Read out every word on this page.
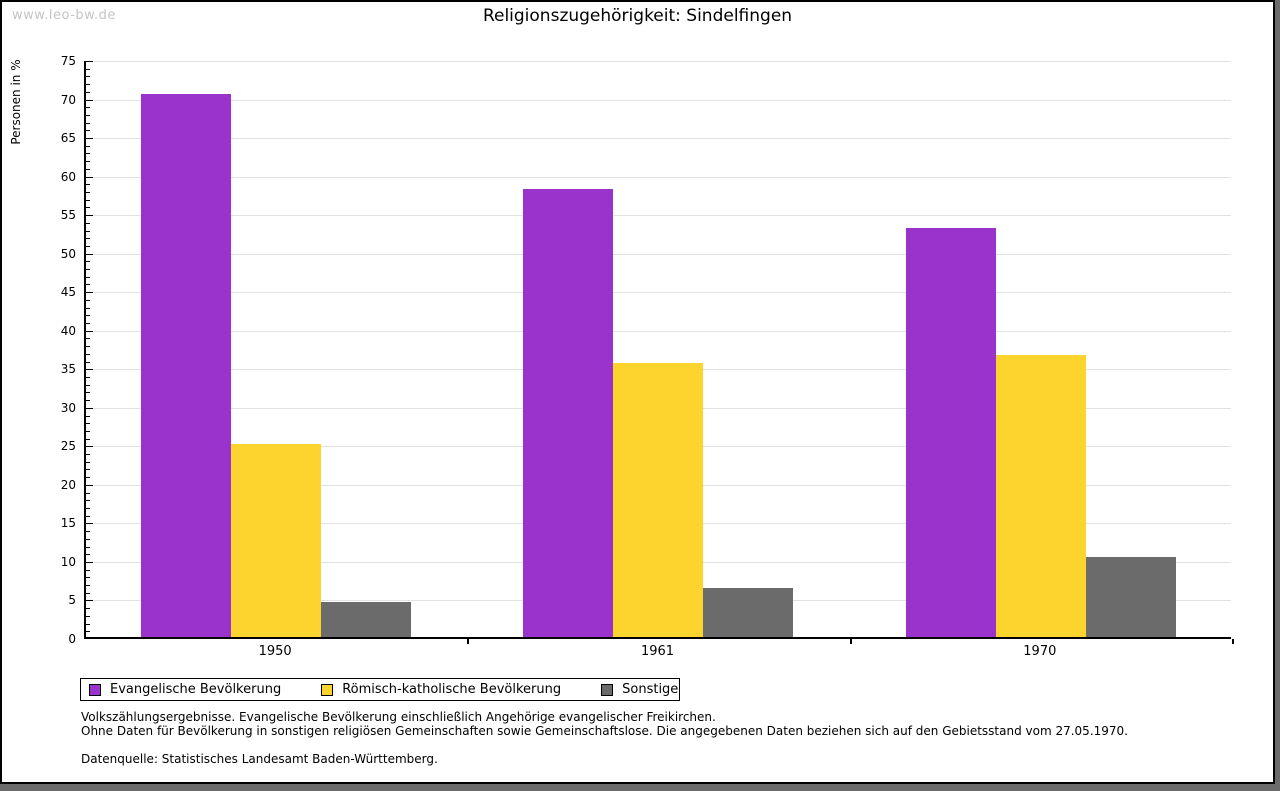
www.leo-bw.de	Religionszugehörigkeit: Sindelfingen
Personen in %
0
5
10
15
20
25
30
35
40
45
50
55
60
65
70
75
1950	1961	1970
Evangelische Bevölkerung	Römisch-katholische Bevölkerung	Sonstige
Volkszählungsergebnisse. Evangelische Bevölkerung einschließlich Angehörige evangelischer Freikirchen.
Ohne Daten für Bevölkerung in sonstigen religiösen Gemeinschaften sowie Gemeinschaftslose. Die angegebenen Daten beziehen sich auf den Gebietsstand vom 27.05.1970.
Datenquelle: Statistisches Landesamt Baden-Württemberg.
